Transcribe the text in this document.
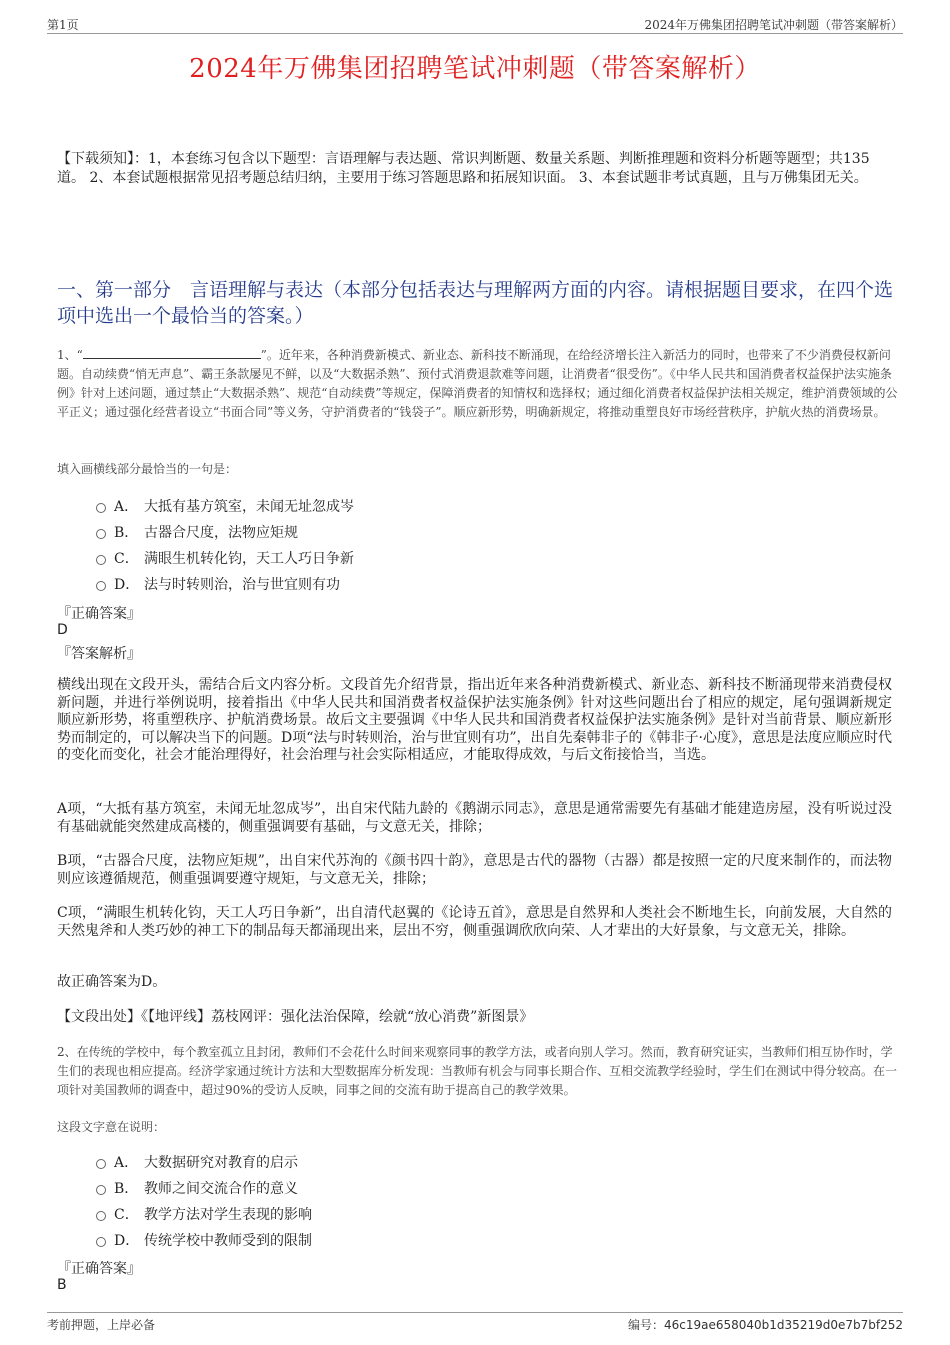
第1页	2024年万佛集团招聘笔试冲刺题（带答案解析）
2024年万佛集团招聘笔试冲刺题（带答案解析）
【下载须知】：1，本套练习包含以下题型：言语理解与表达题、常识判断题、数量关系题、判断推理题和资料分析题等题型；共135道。 2、本套试题根据常见招考题总结归纳，主要用于练习答题思路和拓展知识面。 3、本套试题非考试真题，且与万佛集团无关。
一、第一部分　言语理解与表达（本部分包括表达与理解两方面的内容。请根据题目要求，在四个选项中选出一个最恰当的答案。）
1、“	”。近年来，各种消费新模式、新业态、新科技不断涌现，在给经济增长注入新活力的同时，也带来了不少消费侵权新问题。自动续费“悄无声息”、霸王条款屡见不鲜，以及“大数据杀熟”、预付式消费退款难等问题，让消费者“很受伤”。《中华人民共和国消费者权益保护法实施条例》针对上述问题，通过禁止“大数据杀熟”、规范“自动续费”等规定，保障消费者的知情权和选择权；通过细化消费者权益保护法相关规定，维护消费领域的公平正义；通过强化经营者设立“书面合同”等义务，守护消费者的“钱袋子”。顺应新形势，明确新规定，将推动重塑良好市场经营秩序，护航火热的消费场景。
填入画横线部分最恰当的一句是：
A． 大抵有基方筑室，未闻无址忽成岑
B． 古器合尺度，法物应矩规
C． 满眼生机转化钧，天工人巧日争新
D． 法与时转则治，治与世宜则有功
『正确答案』
D
『答案解析』
横线出现在文段开头，需结合后文内容分析。文段首先介绍背景，指出近年来各种消费新模式、新业态、新科技不断涌现带来消费侵权新问题，并进行举例说明，接着指出《中华人民共和国消费者权益保护法实施条例》针对这些问题出台了相应的规定，尾句强调新规定顺应新形势，将重塑秩序、护航消费场景。故后文主要强调《中华人民共和国消费者权益保护法实施条例》是针对当前背景、顺应新形势而制定的，可以解决当下的问题。D项“法与时转则治，治与世宜则有功”，出自先秦韩非子的《韩非子·心度》，意思是法度应顺应时代的变化而变化，社会才能治理得好，社会治理与社会实际相适应，才能取得成效，与后文衔接恰当，当选。
A项，“大抵有基方筑室，未闻无址忽成岑”，出自宋代陆九龄的《鹅湖示同志》，意思是通常需要先有基础才能建造房屋，没有听说过没有基础就能突然建成高楼的，侧重强调要有基础，与文意无关，排除；
B项，“古器合尺度，法物应矩规”，出自宋代苏洵的《颜书四十韵》，意思是古代的器物（古器）都是按照一定的尺度来制作的，而法物则应该遵循规范，侧重强调要遵守规矩，与文意无关，排除；
C项，“满眼生机转化钧，天工人巧日争新”，出自清代赵翼的《论诗五首》，意思是自然界和人类社会不断地生长，向前发展，大自然的天然鬼斧和人类巧妙的神工下的制品每天都涌现出来，层出不穷，侧重强调欣欣向荣、人才辈出的大好景象，与文意无关，排除。
故正确答案为D。
【文段出处】《【地评线】荔枝网评：强化法治保障，绘就“放心消费”新图景》
2、在传统的学校中，每个教室孤立且封闭，教师们不会花什么时间来观察同事的教学方法，或者向别人学习。然而，教育研究证实，当教师们相互协作时，学生们的表现也相应提高。经济学家通过统计方法和大型数据库分析发现：当教师有机会与同事长期合作、互相交流教学经验时，学生们在测试中得分较高。在一项针对美国教师的调查中，超过90%的受访人反映，同事之间的交流有助于提高自己的教学效果。
这段文字意在说明：
A． 大数据研究对教育的启示
B． 教师之间交流合作的意义
C． 教学方法对学生表现的影响
D． 传统学校中教师受到的限制
『正确答案』
B
考前押题，上岸必备	编号：46c19ae658040b1d35219d0e7b7bf252
